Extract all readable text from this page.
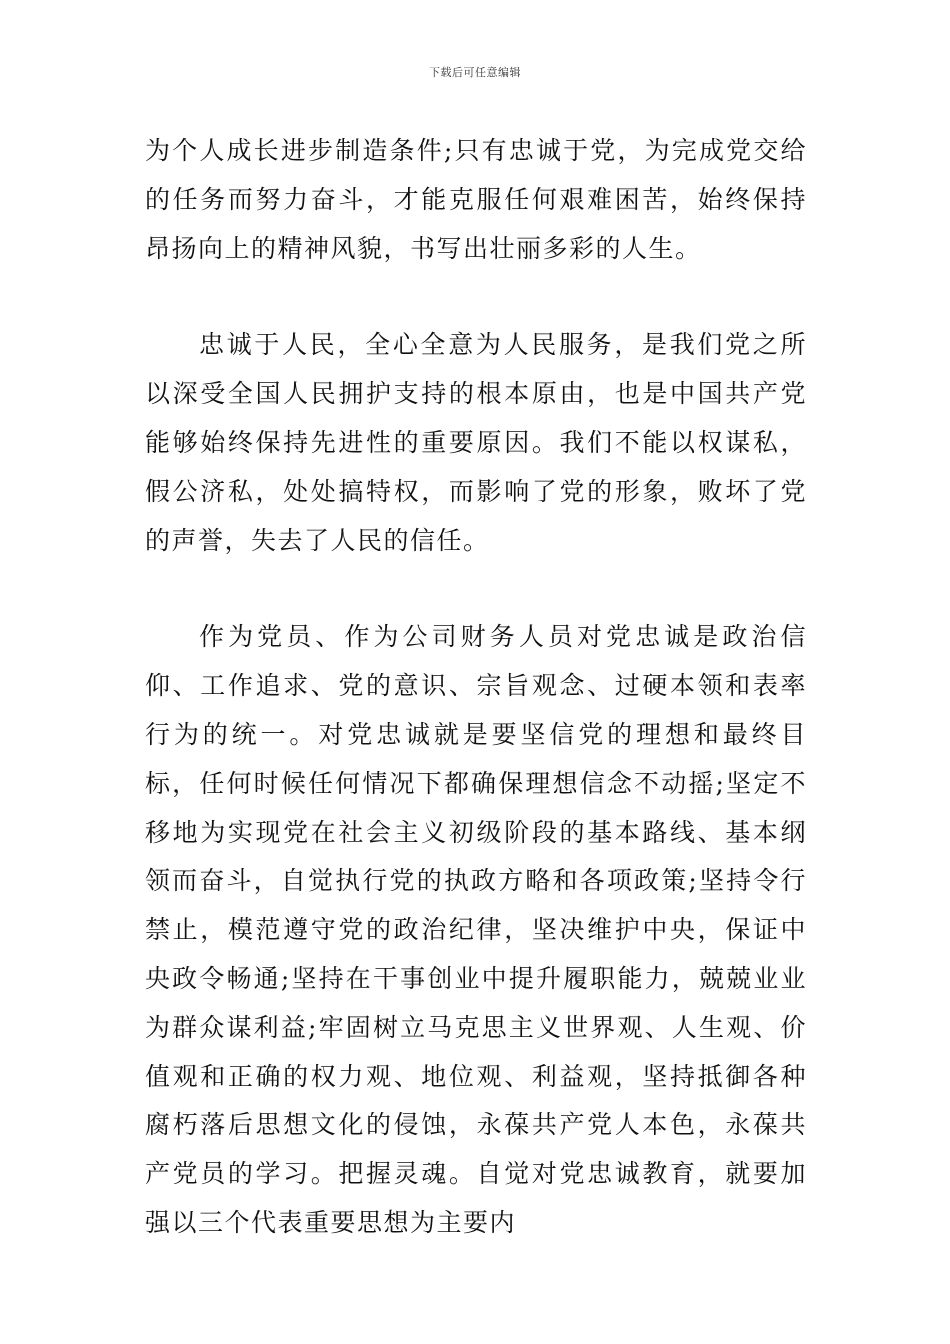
下载后可任意编辑

为个人成长进步制造条件;只有忠诚于党，为完成党交给的任务而努力奋斗，才能克服任何艰难困苦，始终保持昂扬向上的精神风貌，书写出壮丽多彩的人生。

忠诚于人民，全心全意为人民服务，是我们党之所以深受全国人民拥护支持的根本原由，也是中国共产党能够始终保持先进性的重要原因。我们不能以权谋私，假公济私，处处搞特权，而影响了党的形象，败坏了党的声誉，失去了人民的信任。

作为党员、作为公司财务人员对党忠诚是政治信仰、工作追求、党的意识、宗旨观念、过硬本领和表率行为的统一。对党忠诚就是要坚信党的理想和最终目标，任何时候任何情况下都确保理想信念不动摇;坚定不移地为实现党在社会主义初级阶段的基本路线、基本纲领而奋斗，自觉执行党的执政方略和各项政策;坚持令行禁止，模范遵守党的政治纪律，坚决维护中央，保证中央政令畅通;坚持在干事创业中提升履职能力，兢兢业业为群众谋利益;牢固树立马克思主义世界观、人生观、价值观和正确的权力观、地位观、利益观，坚持抵御各种腐朽落后思想文化的侵蚀，永葆共产党人本色，永葆共产党员的学习。把握灵魂。自觉对党忠诚教育，就要加强以三个代表重要思想为主要内
